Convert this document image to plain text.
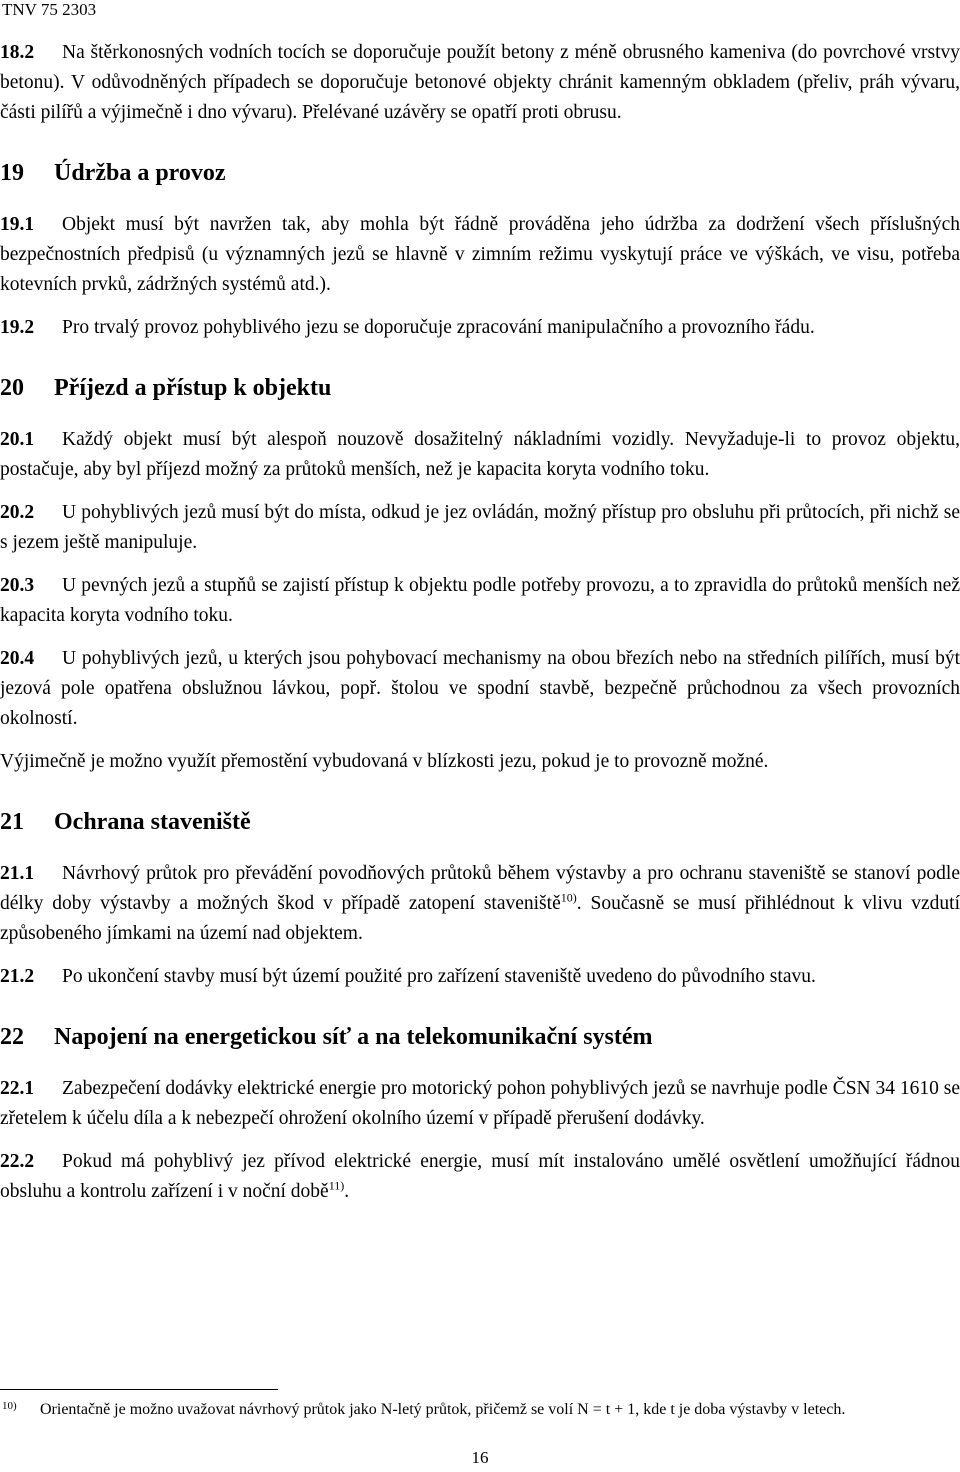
TNV 75 2303

18.2 Na štěrkonosných vodních tocích se doporučuje použít betony z méně obrusného kameniva (do povrchové vrstvy betonu). V odůvodněných případech se doporučuje betonové objekty chránit kamenným obkladem (přeliv, práh vývaru, části pilířů a výjimečně i dno vývaru). Přelévané uzávěry se opatří proti obrusu.

19 Údržba a provoz

19.1 Objekt musí být navržen tak, aby mohla být řádně prováděna jeho údržba za dodržení všech příslušných bezpečnostních předpisů (u významných jezů se hlavně v zimním režimu vyskytují práce ve výškách, ve visu, potřeba kotevních prvků, zádržných systémů atd.).

19.2 Pro trvalý provoz pohyblivého jezu se doporučuje zpracování manipulačního a provozního řádu.

20 Příjezd a přístup k objektu

20.1 Každý objekt musí být alespoň nouzově dosažitelný nákladními vozidly. Nevyžaduje-li to provoz objektu, postačuje, aby byl příjezd možný za průtoků menších, než je kapacita koryta vodního toku.

20.2 U pohyblivých jezů musí být do místa, odkud je jez ovládán, možný přístup pro obsluhu při průtocích, při nichž se s jezem ještě manipuluje.

20.3 U pevných jezů a stupňů se zajistí přístup k objektu podle potřeby provozu, a to zpravidla do průtoků menších než kapacita koryta vodního toku.

20.4 U pohyblivých jezů, u kterých jsou pohybovací mechanismy na obou březích nebo na středních pilířích, musí být jezová pole opatřena obslužnou lávkou, popř. štolou ve spodní stavbě, bezpečně průchodnou za všech provozních okolností.

Výjimečně je možno využít přemostění vybudovaná v blízkosti jezu, pokud je to provozně možné.

21 Ochrana staveniště

21.1 Návrhový průtok pro převádění povodňových průtoků během výstavby a pro ochranu staveniště se stanoví podle délky doby výstavby a možných škod v případě zatopení staveniště$^{10)}$. Současně se musí přihlédnout k vlivu vzdutí způsobeného jímkami na území nad objektem.

21.2 Po ukončení stavby musí být území použité pro zařízení staveniště uvedeno do původního stavu.

22 Napojení na energetickou síť a na telekomunikační systém

22.1 Zabezpečení dodávky elektrické energie pro motorický pohon pohyblivých jezů se navrhuje podle ČSN 34 1610 se zřetelem k účelu díla a k nebezpečí ohrožení okolního území v případě přerušení dodávky.

22.2 Pokud má pohyblivý jez přívod elektrické energie, musí mít instalováno umělé osvětlení umožňující řádnou obsluhu a kontrolu zařízení i v noční době$^{11)}$.

10) Orientačně je možno uvažovat návrhový průtok jako N-letý průtok, přičemž se volí N = t + 1, kde t je doba výstavby v letech.
16
